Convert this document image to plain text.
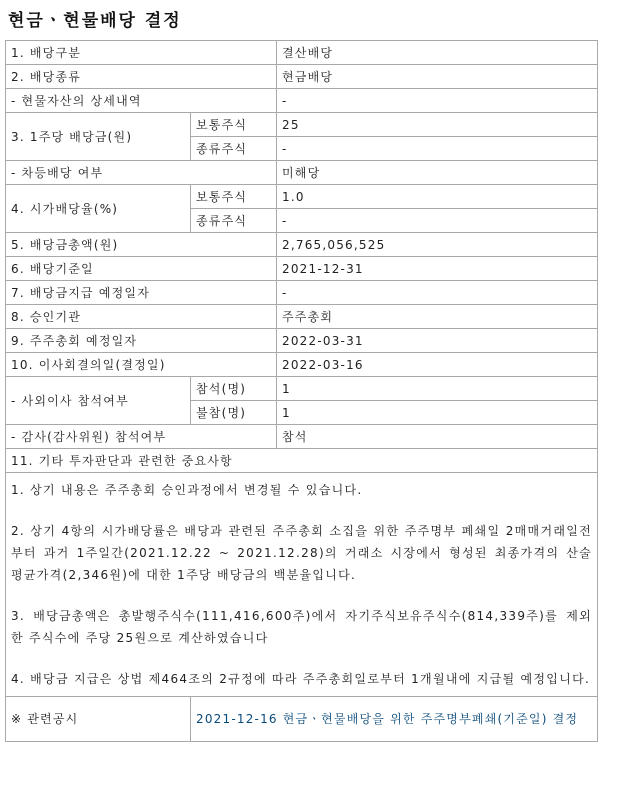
현금ㆍ현물배당 결정
1. 배당구분		결산배당
2. 배당종류		현금배당
- 현물자산의 상세내역		-
3. 1주당 배당금(원)	보통주식	25
	종류주식	-
- 차등배당 여부		미해당
4. 시가배당율(%)	보통주식	1.0
	종류주식	-
5. 배당금총액(원)		2,765,056,525
6. 배당기준일		2021-12-31
7. 배당금지급 예정일자		-
8. 승인기관		주주총회
9. 주주총회 예정일자		2022-03-31
10. 이사회결의일(결정일)		2022-03-16
- 사외이사 참석여부	참석(명)	1
	불참(명)	1
- 감사(감사위원) 참석여부		참석
11. 기타 투자판단과 관련한 중요사항		

1. 상기 내용은 주주총회 승인과정에서 변경될 수 있습니다.

2. 상기 4항의 시가배당률은 배당과 관련된 주주총회 소집을 위한 주주명부 폐쇄일 2매매거래일전부터 과거 1주일간(2021.12.22 ~ 2021.12.28)의 거래소 시장에서 형성된 최종가격의 산술 평균가격(2,346원)에 대한 1주당 배당금의 백분율입니다.

3. 배당금총액은 총발행주식수(111,416,600주)에서 자기주식보유주식수(814,339주)를 제외한 주식수에 주당 25원으로 계산하였습니다

4. 배당금 지급은 상법 제464조의 2규정에 따라 주주총회일로부터 1개월내에 지급될 예정입니다.		

※ 관련공시	2021-12-16 현금ㆍ현물배당을 위한 주주명부폐쇄(기준일) 결정	
